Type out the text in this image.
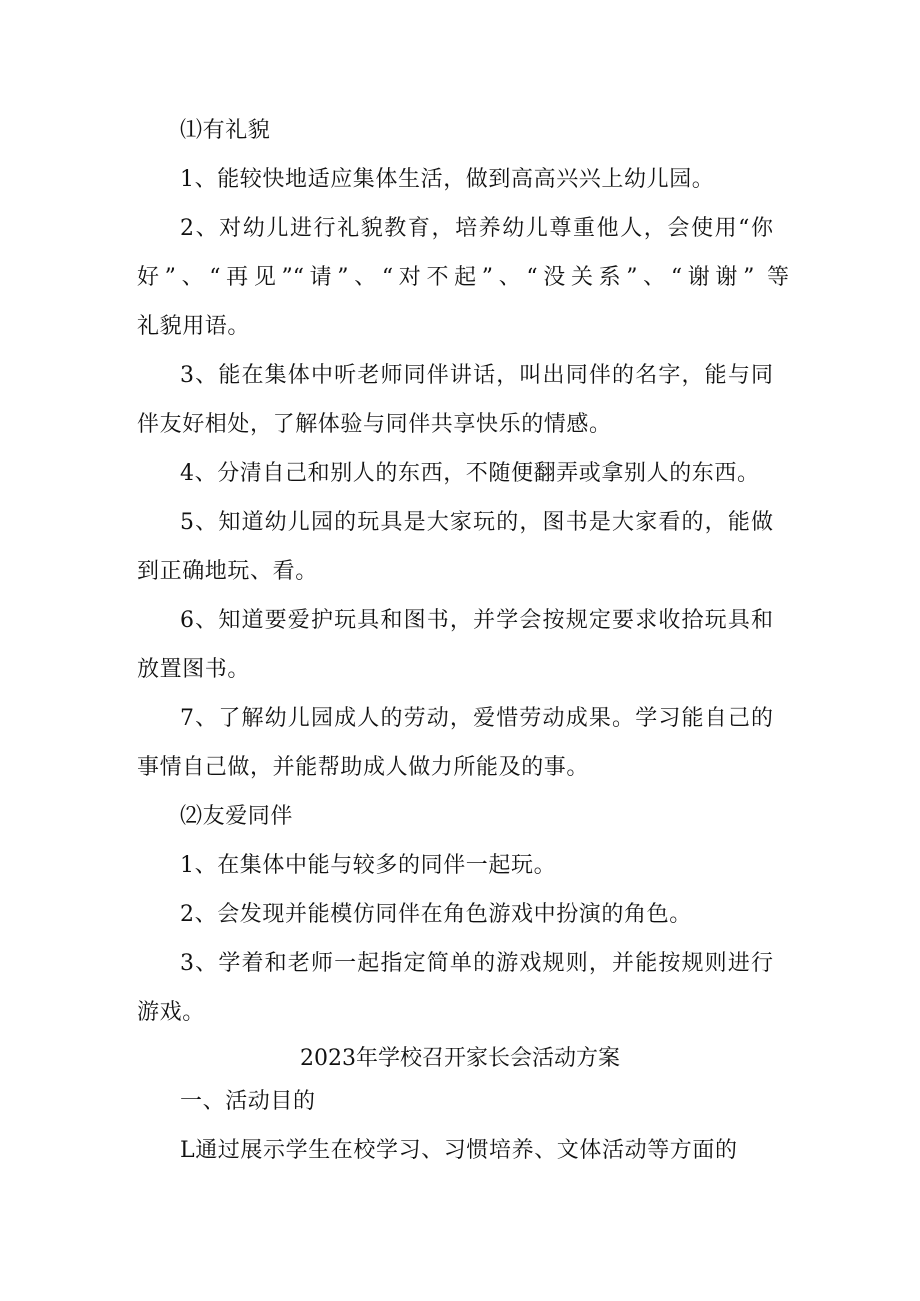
⑴有礼貌
1、能较快地适应集体生活，做到高高兴兴上幼儿园。
2、对幼儿进行礼貌教育，培养幼儿尊重他人，会使用“你
好”、“再见”“请”、“对不起”、“没关系”、“谢谢” 等
礼貌用语。
3、能在集体中听老师同伴讲话，叫出同伴的名字，能与同
伴友好相处，了解体验与同伴共享快乐的情感。
4、分清自己和别人的东西，不随便翻弄或拿别人的东西。
5、知道幼儿园的玩具是大家玩的，图书是大家看的，能做
到正确地玩、看。
6、知道要爱护玩具和图书，并学会按规定要求收拾玩具和
放置图书。
7、了解幼儿园成人的劳动，爱惜劳动成果。学习能自己的
事情自己做，并能帮助成人做力所能及的事。
⑵友爱同伴
1、在集体中能与较多的同伴一起玩。
2、会发现并能模仿同伴在角色游戏中扮演的角色。
3、学着和老师一起指定简单的游戏规则，并能按规则进行
游戏。
2023年学校召开家长会活动方案
一、活动目的
L通过展示学生在校学习、习惯培养、文体活动等方面的
